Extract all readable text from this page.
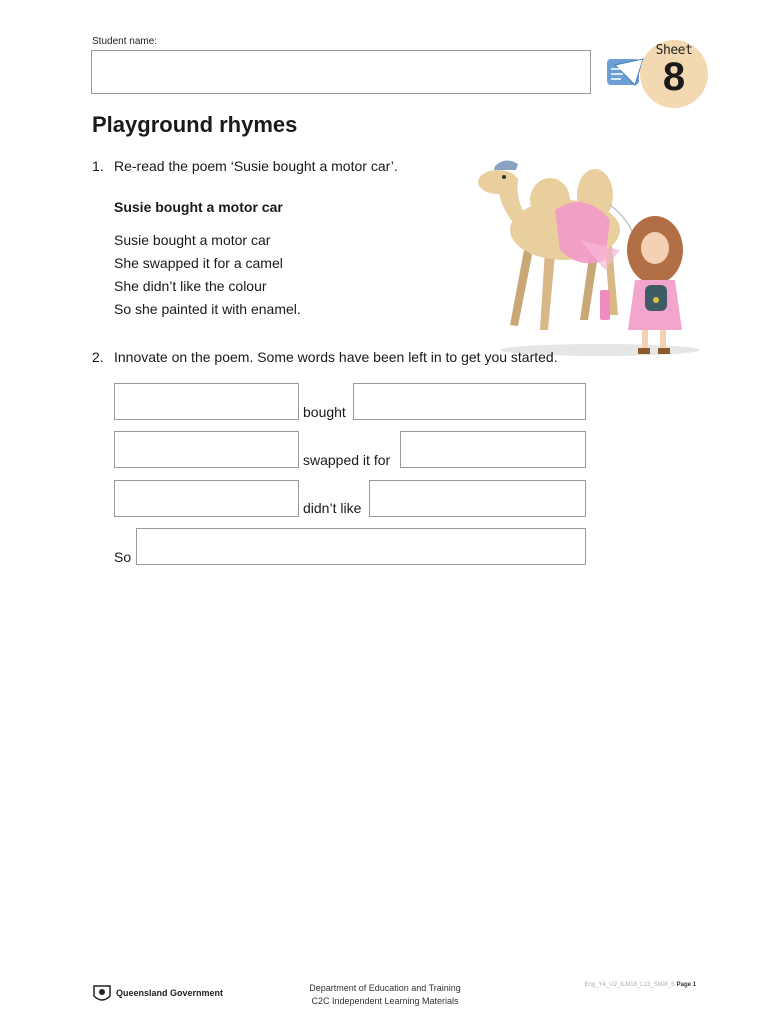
Student name:
Sheet
8
Playground rhymes
1. Re-read the poem ‘Susie bought a motor car’.
Susie bought a motor car
Susie bought a motor car
She swapped it for a camel
She didn’t like the colour
So she painted it with enamel.
2. Innovate on the poem. Some words have been left in to get you started.
bought
swapped it for
didn’t like
So
Queensland Government	Department of Education and Training
C2C Independent Learning Materials
Eng_Y4_U2_ILM18_L13_Sh08_S Page 1
